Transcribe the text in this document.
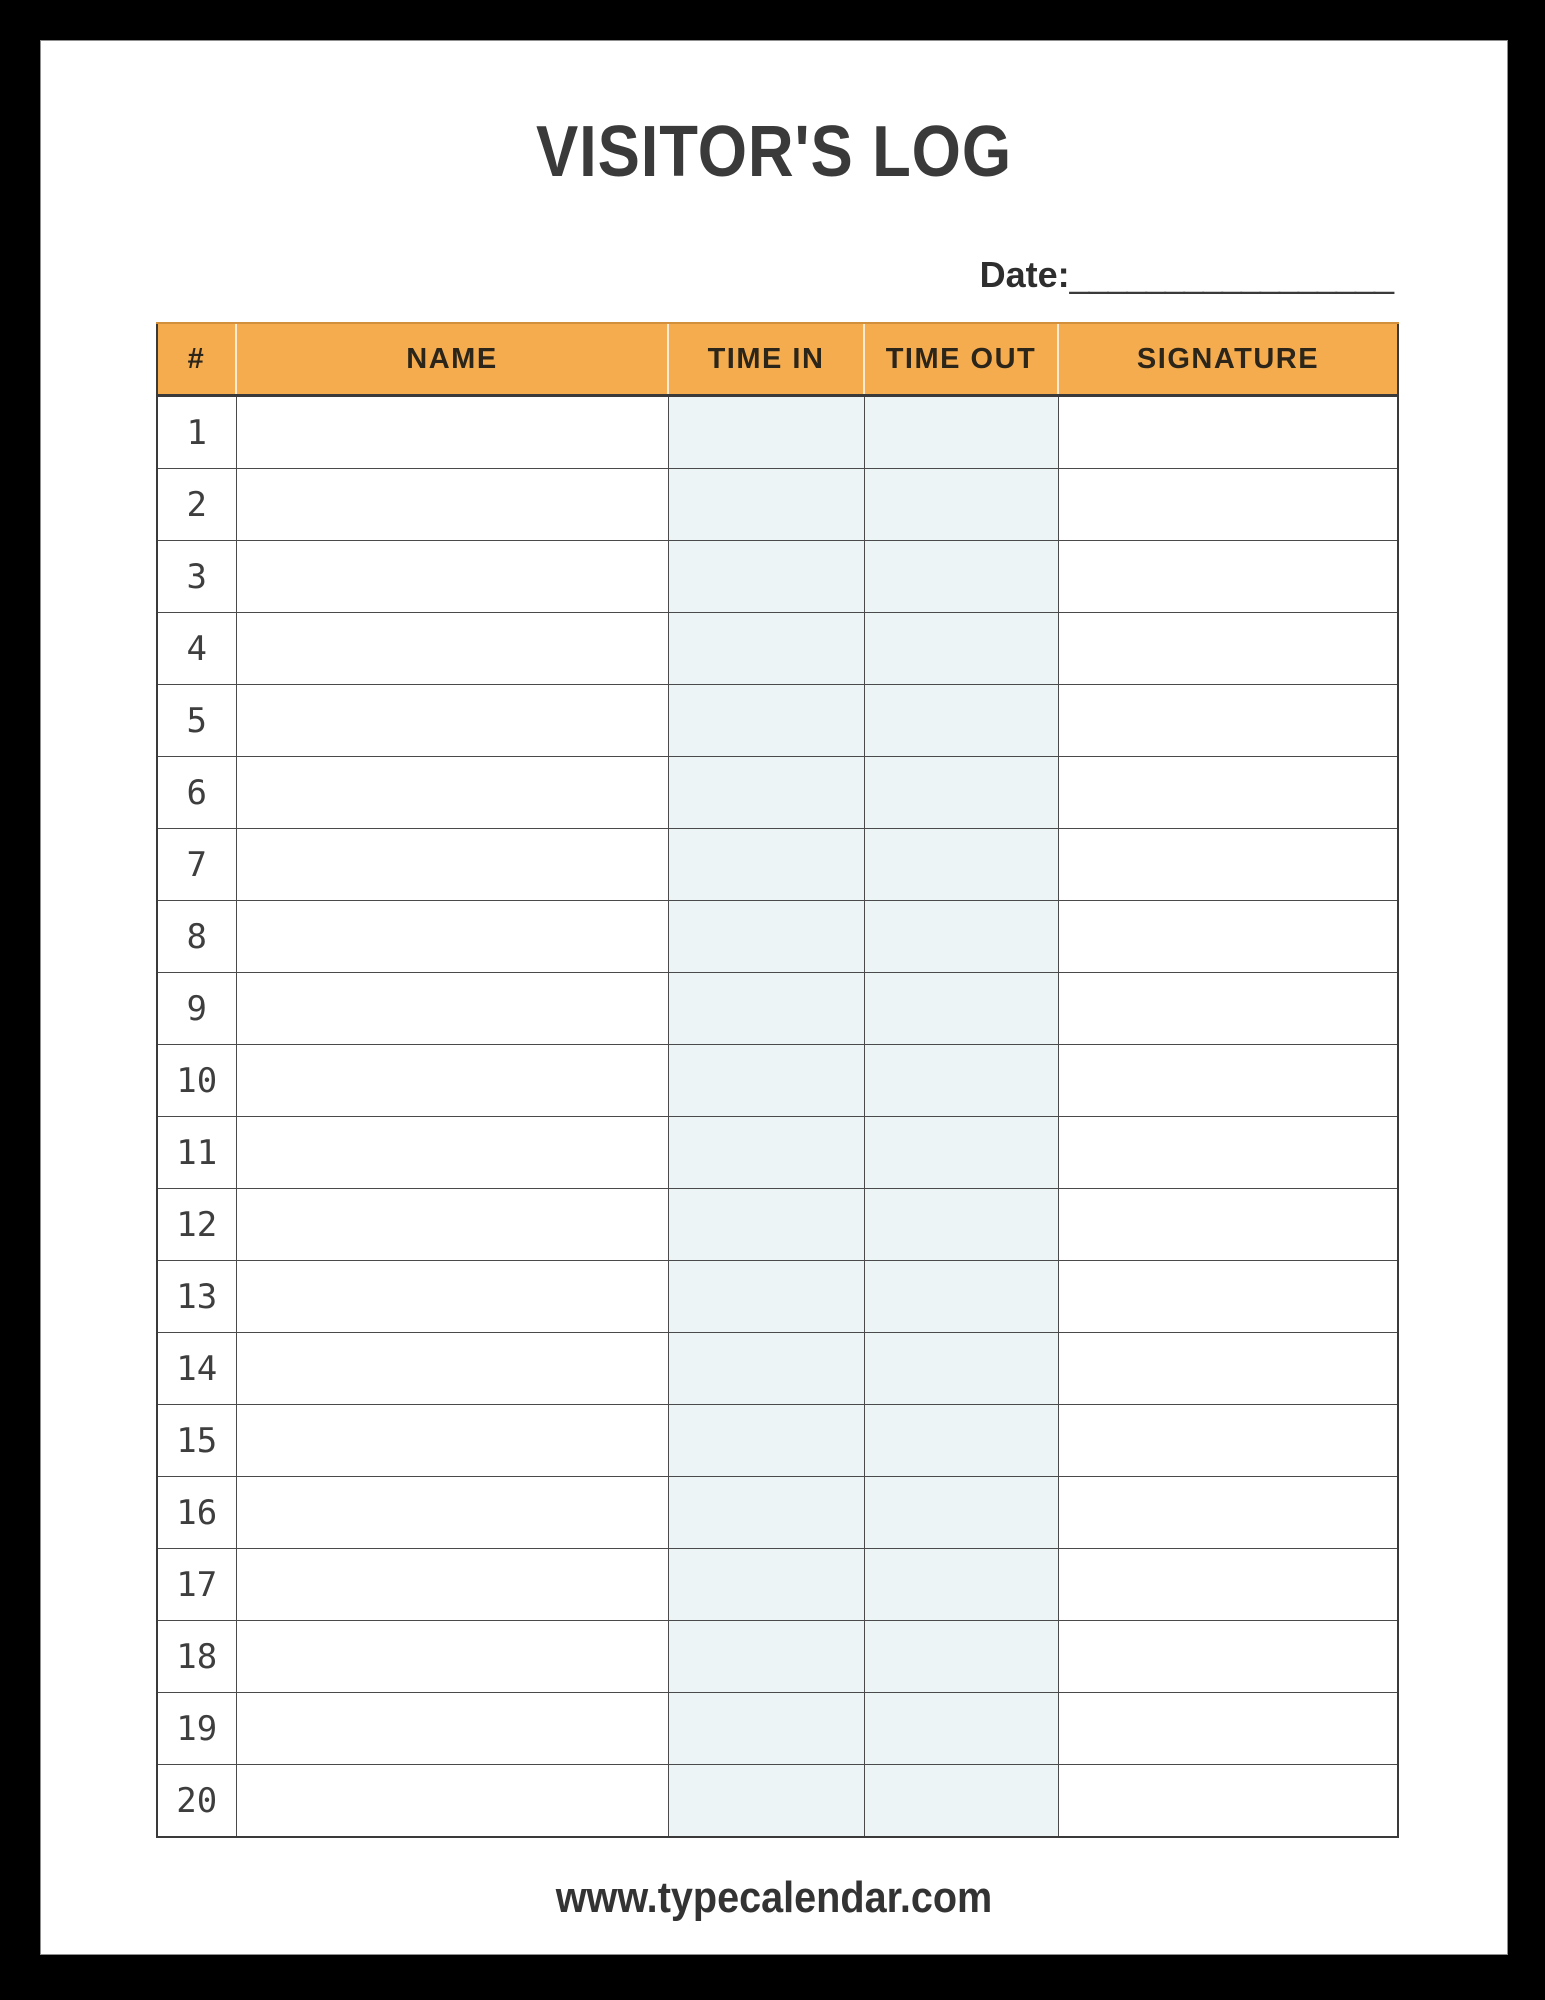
VISITOR'S LOG
Date:_________________
#	NAME	TIME IN	TIME OUT	SIGNATURE
1				
2				
3				
4				
5				
6				
7				
8				
9				
10				
11				
12				
13				
14				
15				
16				
17				
18				
19				
20				
www.typecalendar.com
